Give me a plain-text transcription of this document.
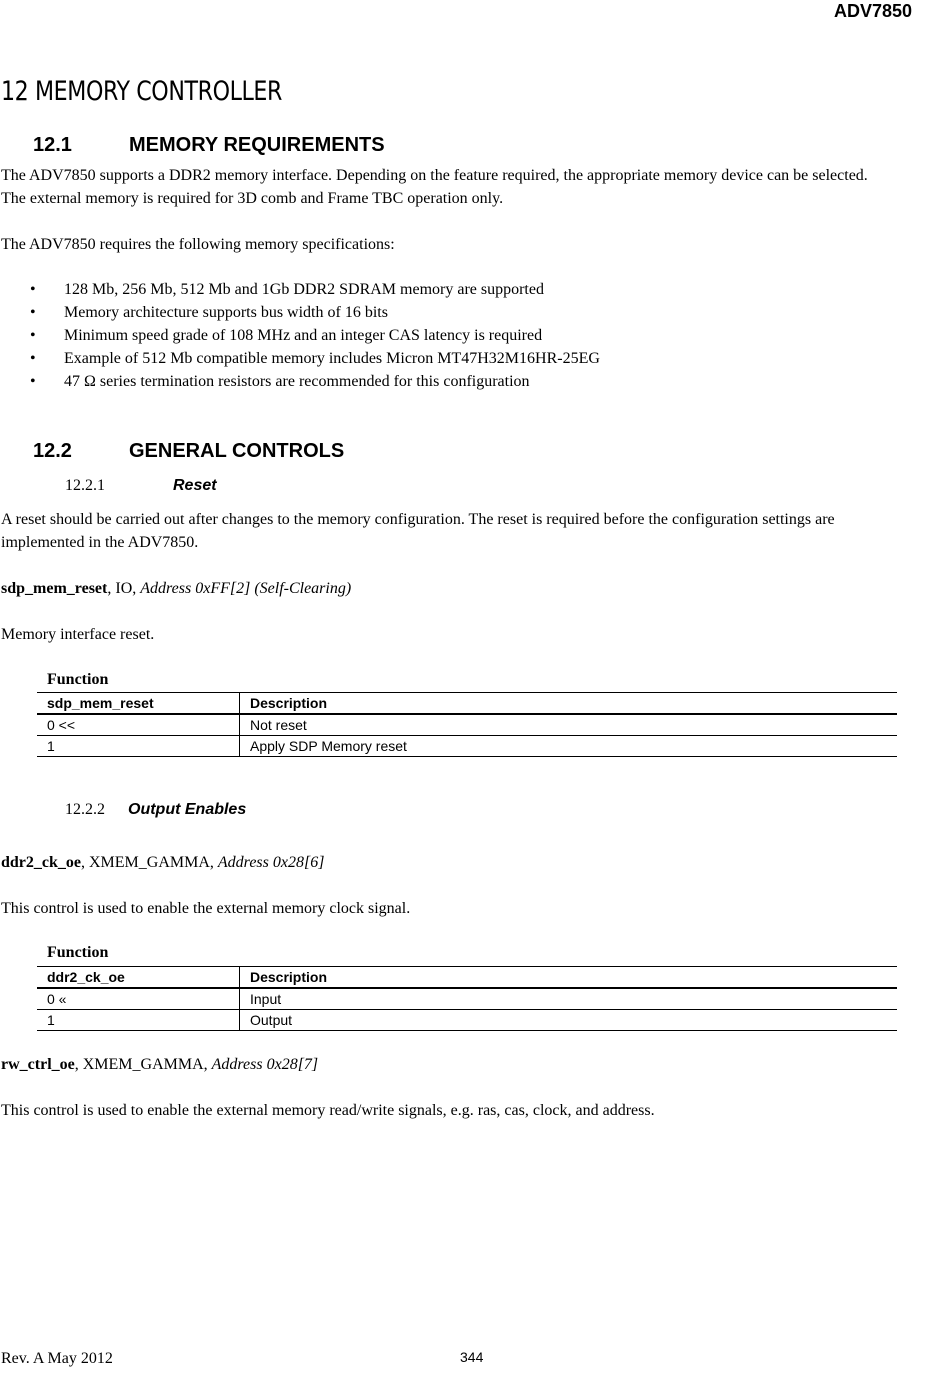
ADV7850
12 MEMORY CONTROLLER
12.1	MEMORY REQUIREMENTS
The ADV7850 supports a DDR2 memory interface. Depending on the feature required, the appropriate memory device can be selected.
The external memory is required for 3D comb and Frame TBC operation only.
The ADV7850 requires the following memory specifications:
• 128 Mb, 256 Mb, 512 Mb and 1Gb DDR2 SDRAM memory are supported
• Memory architecture supports bus width of 16 bits
• Minimum speed grade of 108 MHz and an integer CAS latency is required
• Example of 512 Mb compatible memory includes Micron MT47H32M16HR-25EG
• 47 Ω series termination resistors are recommended for this configuration
12.2	GENERAL CONTROLS
12.2.1	Reset
A reset should be carried out after changes to the memory configuration. The reset is required before the configuration settings are
implemented in the ADV7850.
sdp_mem_reset, IO, Address 0xFF[2] (Self-Clearing)
Memory interface reset.
Function
sdp_mem_reset	Description
0 <<	Not reset
1	Apply SDP Memory reset
12.2.2 Output Enables
ddr2_ck_oe, XMEM_GAMMA, Address 0x28[6]
This control is used to enable the external memory clock signal.
Function
ddr2_ck_oe	Description
0 «	Input
1	Output
rw_ctrl_oe, XMEM_GAMMA, Address 0x28[7]
This control is used to enable the external memory read/write signals, e.g. ras, cas, clock, and address.
Rev. A May 2012	344
